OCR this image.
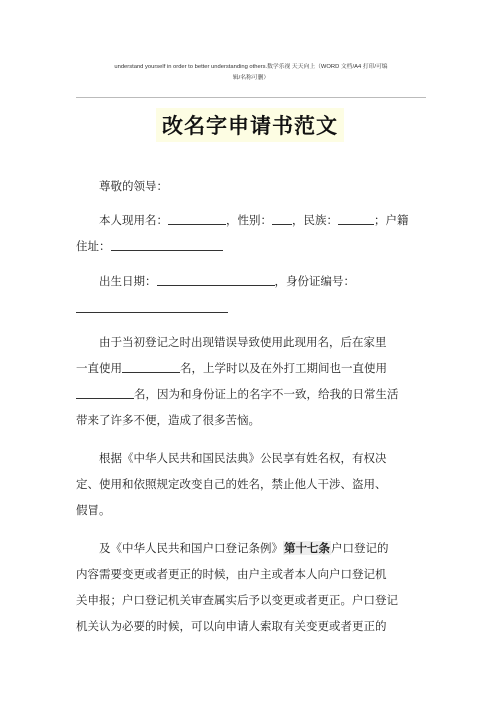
understand yourself in order to better understanding others.数学乐视 天天向上（WORD 文档/A4 打印/可编
辑/名称可删）
改名字申请书范文
尊敬的领导：
本人现用名：	，性别： ，民族：	；户籍
住址：
出生日期：	，身份证编号：
由于当初登记之时出现错误导致使用此现用名，后在家里
一直使用	名，上学时以及在外打工期间也一直使用
名，因为和身份证上的名字不一致，给我的日常生活
带来了许多不便，造成了很多苦恼。
根据《中华人民共和国民法典》公民享有姓名权，有权决
定、使用和依照规定改变自己的姓名，禁止他人干涉、盗用、
假冒。
及《中华人民共和国户口登记条例》第十七条户口登记的
内容需要变更或者更正的时候，由户主或者本人向户口登记机
关申报；户口登记机关审查属实后予以变更或者更正。户口登记
机关认为必要的时候，可以向申请人索取有关变更或者更正的
